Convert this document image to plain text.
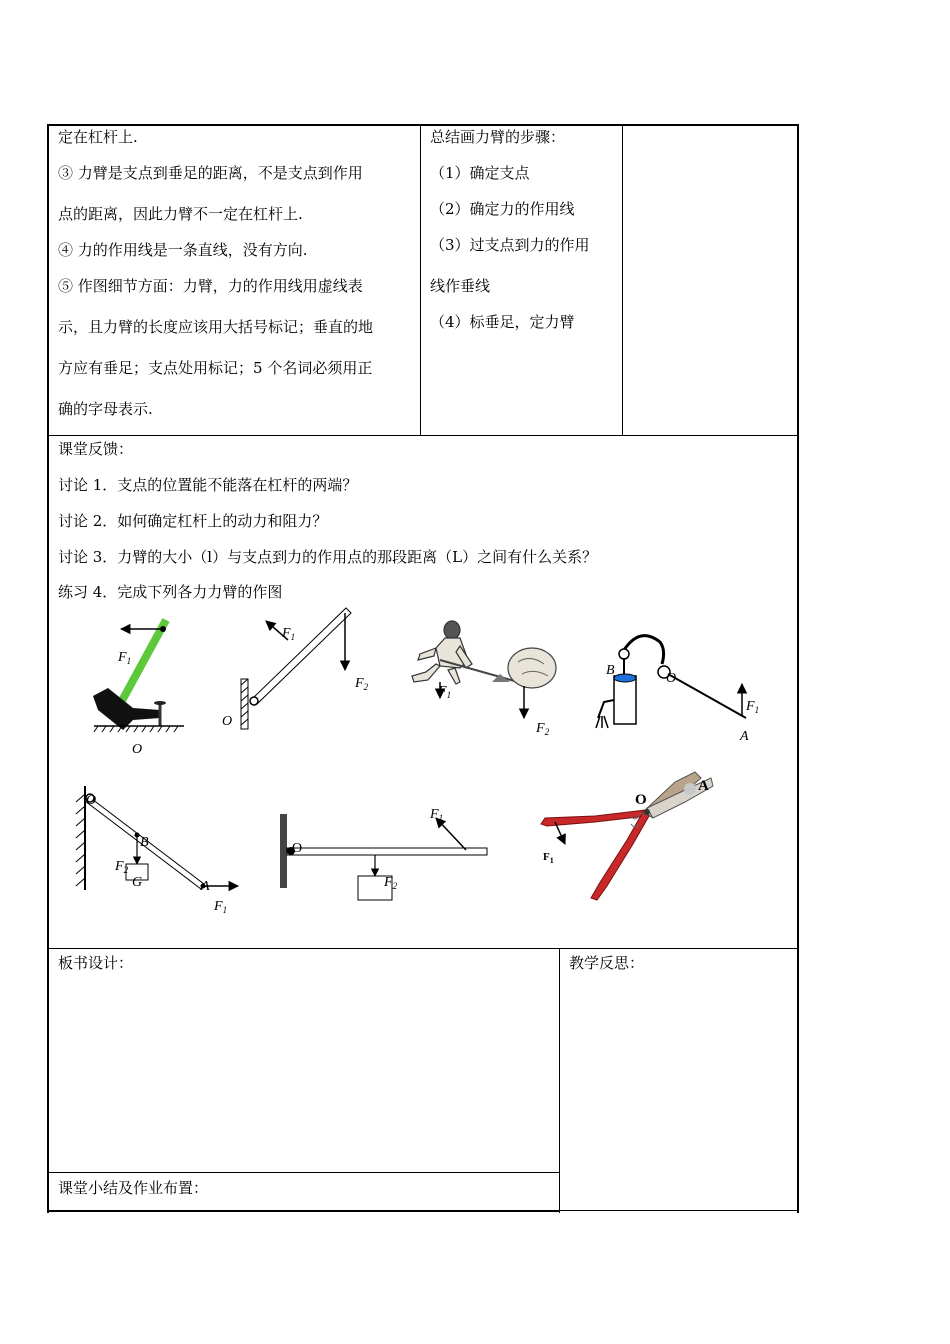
定在杠杆上.
③ 力臂是支点到垂足的距离，不是支点到作用
点的距离，因此力臂不一定在杠杆上.
④ 力的作用线是一条直线，没有方向.
⑤ 作图细节方面：力臂，力的作用线用虚线表
示，且力臂的长度应该用大括号标记；垂直的地
方应有垂足；支点处用标记；5 个名词必须用正
确的字母表示.
总结画力臂的步骤：
（1）确定支点
（2）确定力的作用线
（3）过支点到力的作用
线作垂线
（4）标垂足，定力臂
课堂反馈：
讨论 1．支点的位置能不能落在杠杆的两端？
讨论 2．如何确定杠杆上的动力和阻力？
讨论 3．力臂的大小（l）与支点到力的作用点的那段距离（L）之间有什么关系？
练习 4．完成下列各力力臂的作图
$F_1$
O
$F_1$
$F_2$
O
$F_1$
$F_2$
B
O
$F_1$
A
O
B
$F_2$
G	A
$F_1$
$F_1$
O
$F_2$
O
A
$F_1$
板书设计：	教学反思：
课堂小结及作业布置：
